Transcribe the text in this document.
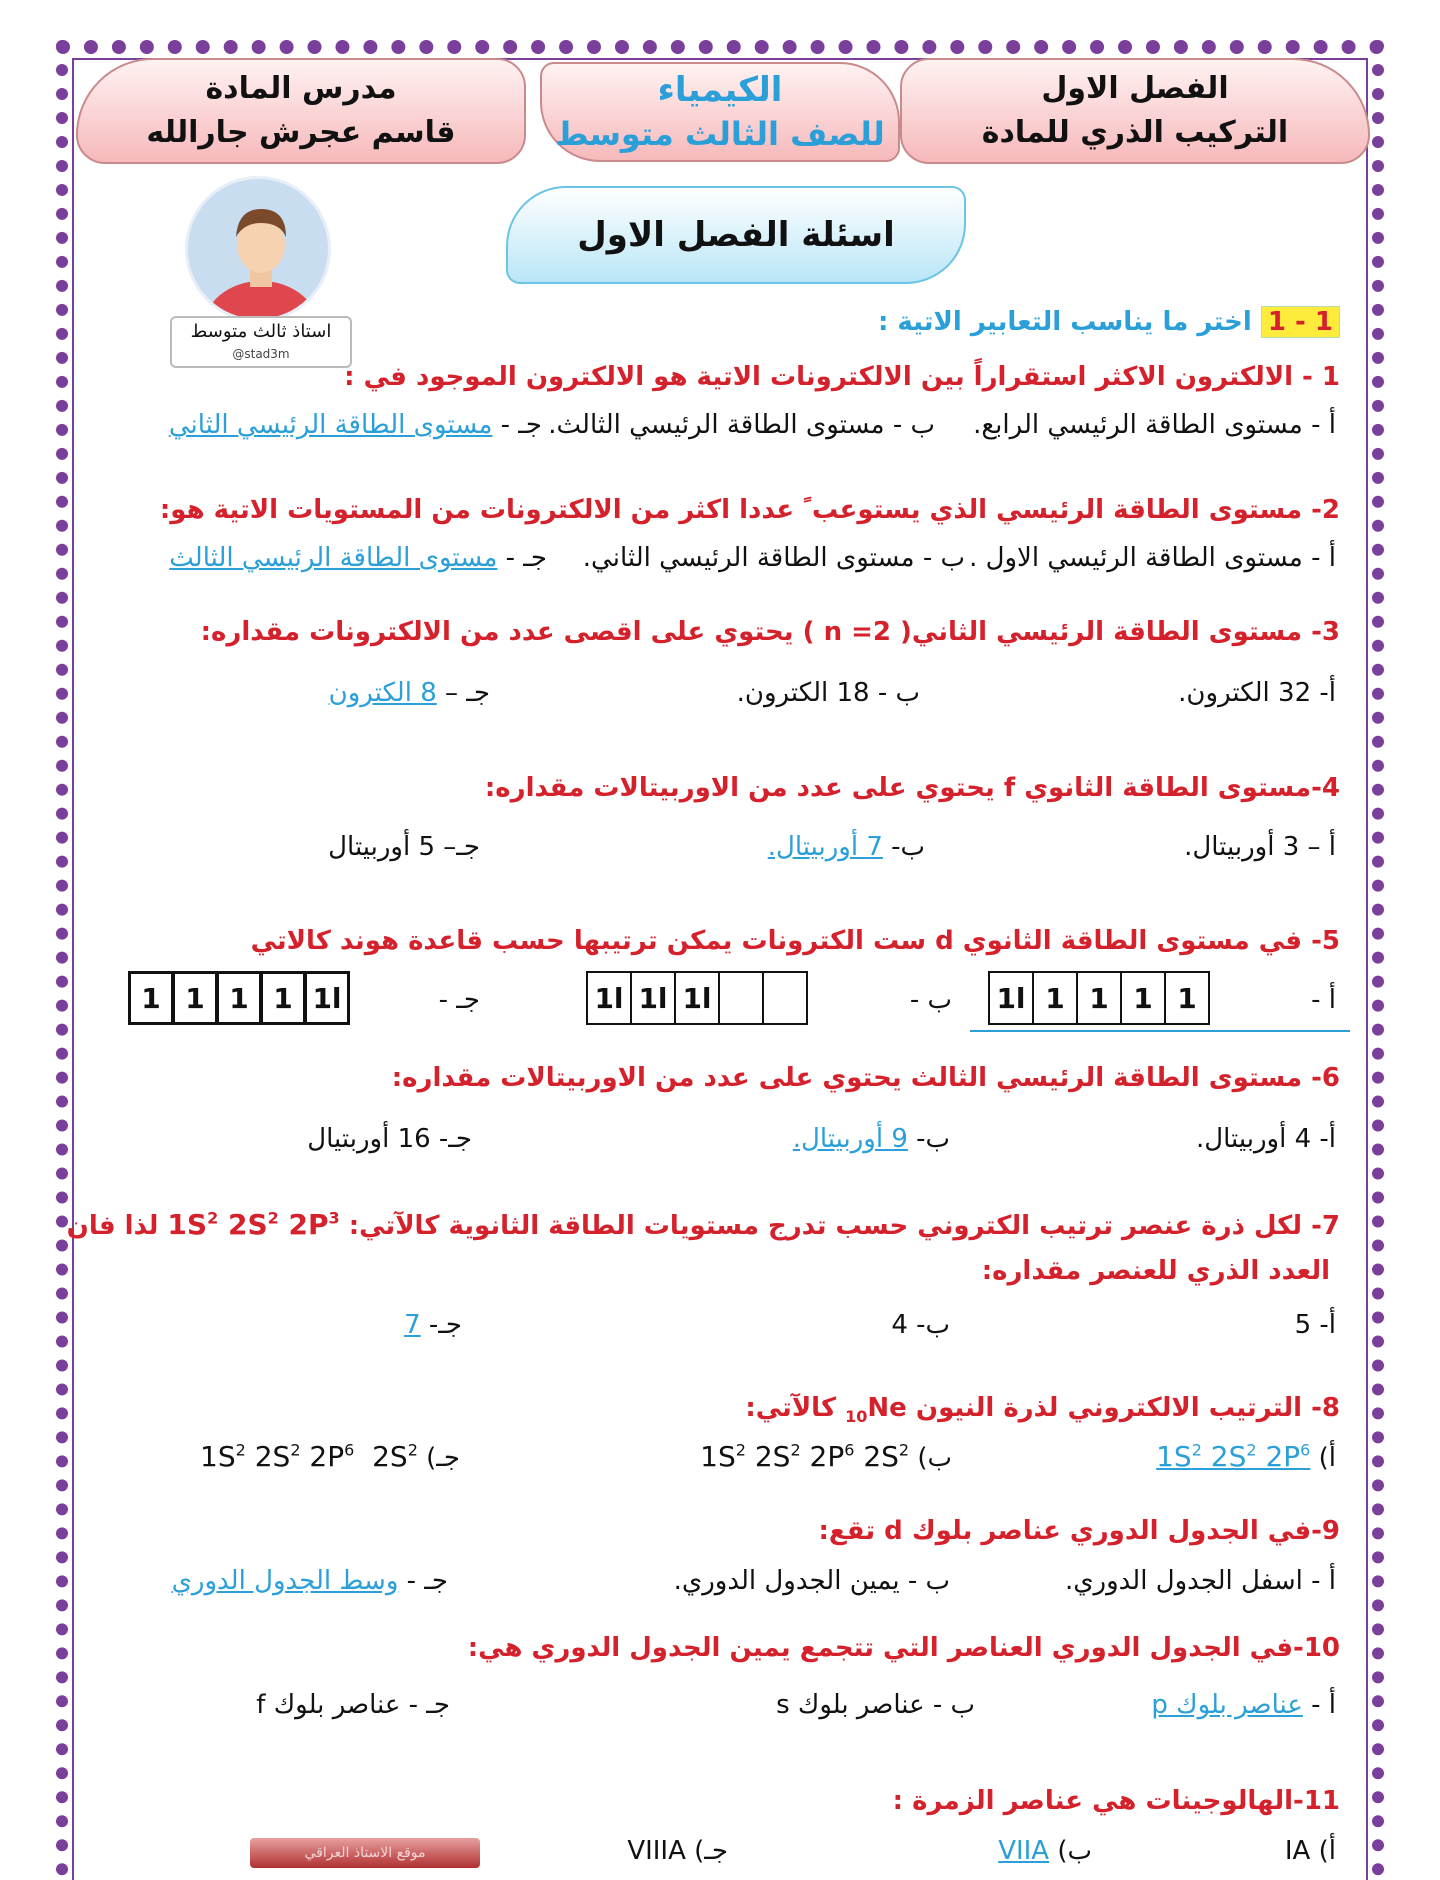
الفصل الاول
التركيب الذري للمادة
الكيمياء
للصف الثالث متوسط
مدرس المادة
قاسم عجرش جارالله
استاذ ثالث متوسط
@stad3m
اسئلة الفصل الاول
1 - 1 اختر ما يناسب التعابير الاتية :
1 - الالكترون الاكثر استقراراً بين الالكترونات الاتية هو الالكترون الموجود في :
أ - مستوى الطاقة الرئيسي الرابع.
ب - مستوى الطاقة الرئيسي الثالث.
جـ - مستوى الطاقة الرئيسي الثاني
2- مستوى الطاقة الرئيسي الذي يستوعب ً عددا اكثر من الالكترونات من المستويات الاتية هو:
أ - مستوى الطاقة الرئيسي الاول .
ب - مستوى الطاقة الرئيسي الثاني.
جـ - مستوى الطاقة الرئيسي الثالث
3- مستوى الطاقة الرئيسي الثاني( n =2 ) يحتوي على اقصى عدد من الالكترونات مقداره:
أ- 32 الكترون.
ب - 18 الكترون.
جـ – 8 الكترون
4-مستوى الطاقة الثانوي f يحتوي على عدد من الاوربيتالات مقداره:
أ – 3 أوربيتال.
ب- 7 أوربيتال.
جـ– 5 أوربيتال
5- في مستوى الطاقة الثانوي d ست الكترونات يمكن ترتيبها حسب قاعدة هوند كالاتي
أ -
1l 1 1 1 1
ب -
1l 1l 1l
جـ -
1 1 1 1 1l
6- مستوى الطاقة الرئيسي الثالث يحتوي على عدد من الاوربيتالات مقداره:
أ- 4 أوربيتال.
ب- 9 أوربيتال.
جـ- 16 أوربتيال
7- لكل ذرة عنصر ترتيب الكتروني حسب تدرج مستويات الطاقة الثانوية كالآتي: $1S^2$ $2S^2$ $2P^3$ لذا فان
العدد الذري للعنصر مقداره:
أ- 5
ب- 4
جـ- 7
8- الترتيب الالكتروني لذرة النيون $_{10}$Ne كالآتي:
أ) $1S^2$ $2S^2$ $2P^6$
ب) $1S^2$ $2S^2$ $2P^6$ $2S^2$
جـ) $1S^2$ $2S^2$ $2P^6$  $2S^2$
9-في الجدول الدوري عناصر بلوك d تقع:
أ - اسفل الجدول الدوري.
ب - يمين الجدول الدوري.
جـ - وسط الجدول الدوري
10-في الجدول الدوري العناصر التي تتجمع يمين الجدول الدوري هي:
أ - عناصر بلوك p
ب - عناصر بلوك s
جـ - عناصر بلوك f
11-الهالوجينات هي عناصر الزمرة :
أ) IA
ب) VIIA
جـ) VIIIA
موقع الاستاذ العراقي
